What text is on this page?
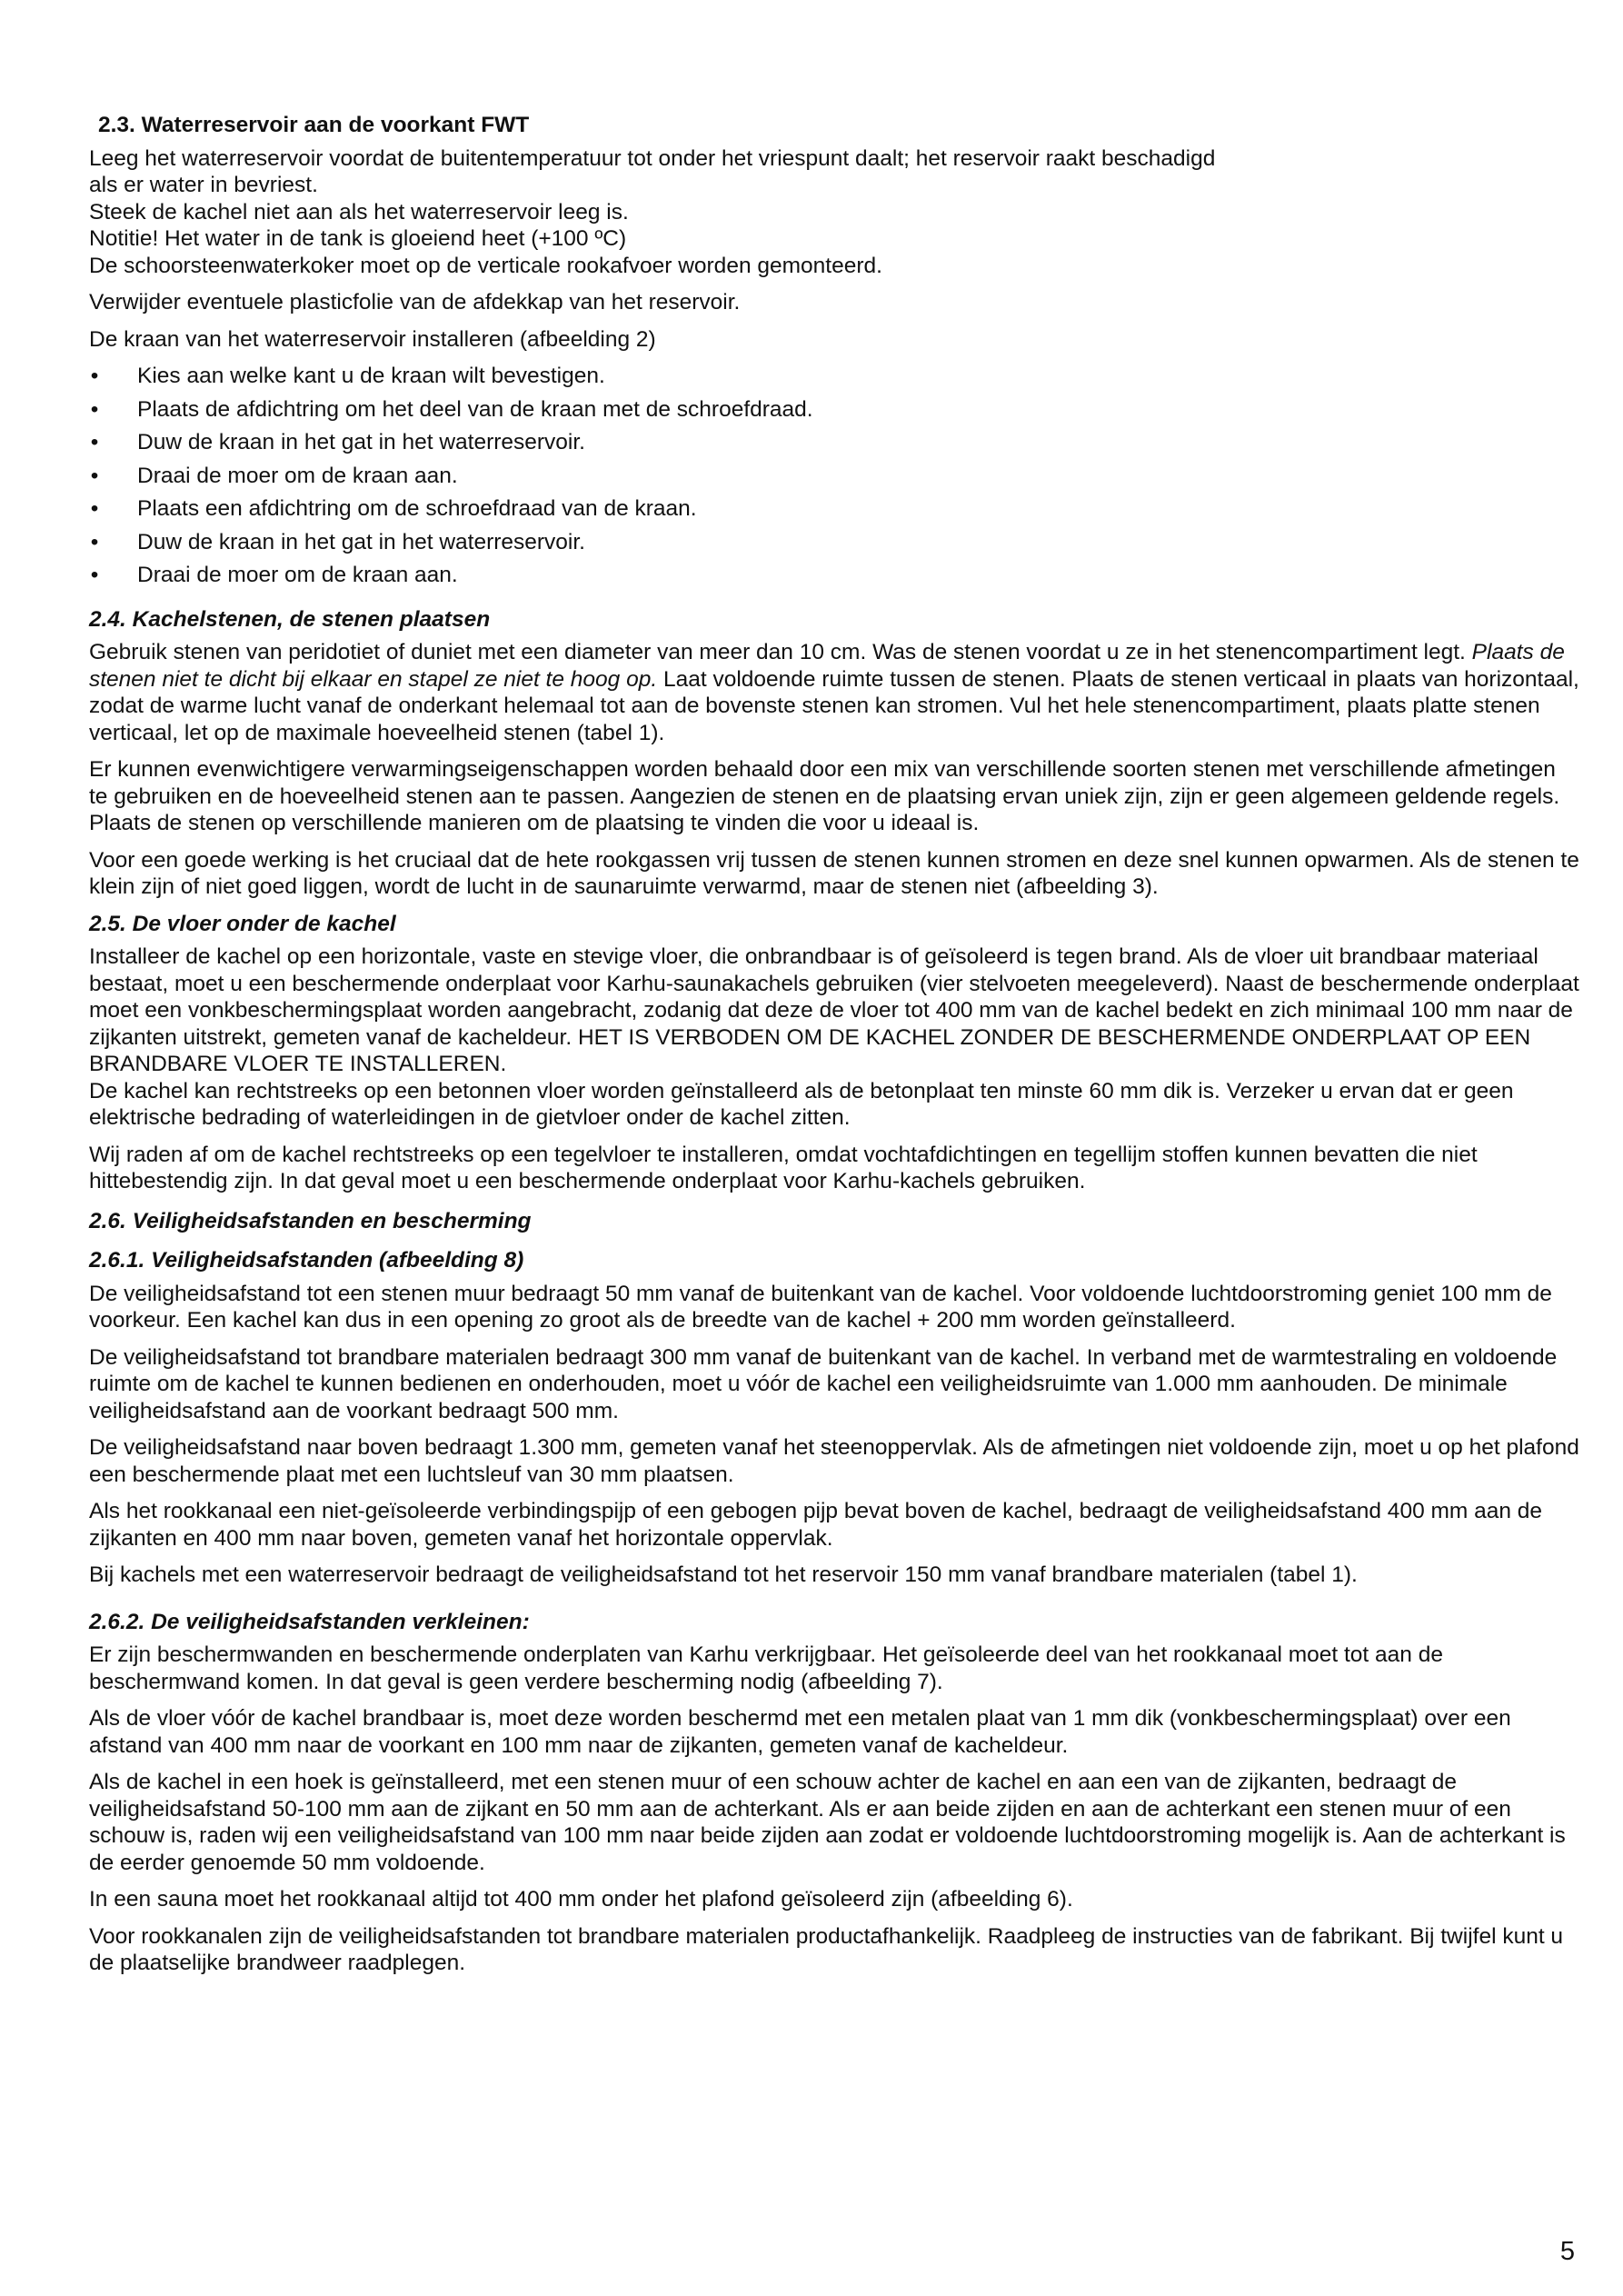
2.3. Waterreservoir aan de voorkant FWT

Leeg het waterreservoir voordat de buitentemperatuur tot onder het vriespunt daalt; het reservoir raakt beschadigd
als er water in bevriest.
Steek de kachel niet aan als het waterreservoir leeg is.
Notitie! Het water in de tank is gloeiend heet (+100 ºC)
De schoorsteenwaterkoker moet op de verticale rookafvoer worden gemonteerd.

Verwijder eventuele plasticfolie van de afdekkap van het reservoir.

De kraan van het waterreservoir installeren (afbeelding 2)

• Kies aan welke kant u de kraan wilt bevestigen.
• Plaats de afdichtring om het deel van de kraan met de schroefdraad.
• Duw de kraan in het gat in het waterreservoir.
• Draai de moer om de kraan aan.
• Plaats een afdichtring om de schroefdraad van de kraan.
• Duw de kraan in het gat in het waterreservoir.
• Draai de moer om de kraan aan.
2.4. Kachelstenen, de stenen plaatsen

Gebruik stenen van peridotiet of duniet met een diameter van meer dan 10 cm. Was de stenen voordat u ze in het stenencompartiment legt. Plaats de stenen niet te dicht bij elkaar en stapel ze niet te hoog op. Laat voldoende ruimte tussen de stenen. Plaats de stenen verticaal in plaats van horizontaal, zodat de warme lucht vanaf de onderkant helemaal tot aan de bovenste stenen kan stromen. Vul het hele stenencompartiment, plaats platte stenen verticaal, let op de maximale hoeveelheid stenen (tabel 1).

Er kunnen evenwichtigere verwarmingseigenschappen worden behaald door een mix van verschillende soorten stenen met verschillende afmetingen te gebruiken en de hoeveelheid stenen aan te passen. Aangezien de stenen en de plaatsing ervan uniek zijn, zijn er geen algemeen geldende regels. Plaats de stenen op verschillende manieren om de plaatsing te vinden die voor u ideaal is.

Voor een goede werking is het cruciaal dat de hete rookgassen vrij tussen de stenen kunnen stromen en deze snel kunnen opwarmen. Als de stenen te klein zijn of niet goed liggen, wordt de lucht in de saunaruimte verwarmd, maar de stenen niet (afbeelding 3).

2.5. De vloer onder de kachel

Installeer de kachel op een horizontale, vaste en stevige vloer, die onbrandbaar is of geïsoleerd is tegen brand. Als de vloer uit brandbaar materiaal bestaat, moet u een beschermende onderplaat voor Karhu-saunakachels gebruiken (vier stelvoeten meegeleverd). Naast de beschermende onderplaat moet een vonkbeschermingsplaat worden aangebracht, zodanig dat deze de vloer tot 400 mm van de kachel bedekt en zich minimaal 100 mm naar de zijkanten uitstrekt, gemeten vanaf de kacheldeur. HET IS VERBODEN OM DE KACHEL ZONDER DE BESCHERMENDE ONDERPLAAT OP EEN BRANDBARE VLOER TE INSTALLEREN.
De kachel kan rechtstreeks op een betonnen vloer worden geïnstalleerd als de betonplaat ten minste 60 mm dik is. Verzeker u ervan dat er geen elektrische bedrading of waterleidingen in de gietvloer onder de kachel zitten.

Wij raden af om de kachel rechtstreeks op een tegelvloer te installeren, omdat vochtafdichtingen en tegellijm stoffen kunnen bevatten die niet hittebestendig zijn. In dat geval moet u een beschermende onderplaat voor Karhu-kachels gebruiken.

2.6. Veiligheidsafstanden en bescherming
2.6.1. Veiligheidsafstanden (afbeelding 8)

De veiligheidsafstand tot een stenen muur bedraagt 50 mm vanaf de buitenkant van de kachel. Voor voldoende luchtdoorstroming geniet 100 mm de voorkeur. Een kachel kan dus in een opening zo groot als de breedte van de kachel + 200 mm worden geïnstalleerd.

De veiligheidsafstand tot brandbare materialen bedraagt 300 mm vanaf de buitenkant van de kachel. In verband met de warmtestraling en voldoende ruimte om de kachel te kunnen bedienen en onderhouden, moet u vóór de kachel een veiligheidsruimte van 1.000 mm aanhouden. De minimale veiligheidsafstand aan de voorkant bedraagt 500 mm.

De veiligheidsafstand naar boven bedraagt 1.300 mm, gemeten vanaf het steenoppervlak. Als de afmetingen niet voldoende zijn, moet u op het plafond een beschermende plaat met een luchtsleuf van 30 mm plaatsen.

Als het rookkanaal een niet-geïsoleerde verbindingspijp of een gebogen pijp bevat boven de kachel, bedraagt de veiligheidsafstand 400 mm aan de zijkanten en 400 mm naar boven, gemeten vanaf het horizontale oppervlak.

Bij kachels met een waterreservoir bedraagt de veiligheidsafstand tot het reservoir 150 mm vanaf brandbare materialen (tabel 1).

2.6.2. De veiligheidsafstanden verkleinen:

Er zijn beschermwanden en beschermende onderplaten van Karhu verkrijgbaar. Het geïsoleerde deel van het rookkanaal moet tot aan de beschermwand komen. In dat geval is geen verdere bescherming nodig (afbeelding 7).

Als de vloer vóór de kachel brandbaar is, moet deze worden beschermd met een metalen plaat van 1 mm dik (vonkbeschermingsplaat) over een afstand van 400 mm naar de voorkant en 100 mm naar de zijkanten, gemeten vanaf de kacheldeur.

Als de kachel in een hoek is geïnstalleerd, met een stenen muur of een schouw achter de kachel en aan een van de zijkanten, bedraagt de veiligheidsafstand 50-100 mm aan de zijkant en 50 mm aan de achterkant. Als er aan beide zijden en aan de achterkant een stenen muur of een schouw is, raden wij een veiligheidsafstand van 100 mm naar beide zijden aan zodat er voldoende luchtdoorstroming mogelijk is. Aan de achterkant is de eerder genoemde 50 mm voldoende.

In een sauna moet het rookkanaal altijd tot 400 mm onder het plafond geïsoleerd zijn (afbeelding 6).

Voor rookkanalen zijn de veiligheidsafstanden tot brandbare materialen productafhankelijk. Raadpleeg de instructies van de fabrikant. Bij twijfel kunt u de plaatselijke brandweer raadplegen.

5
